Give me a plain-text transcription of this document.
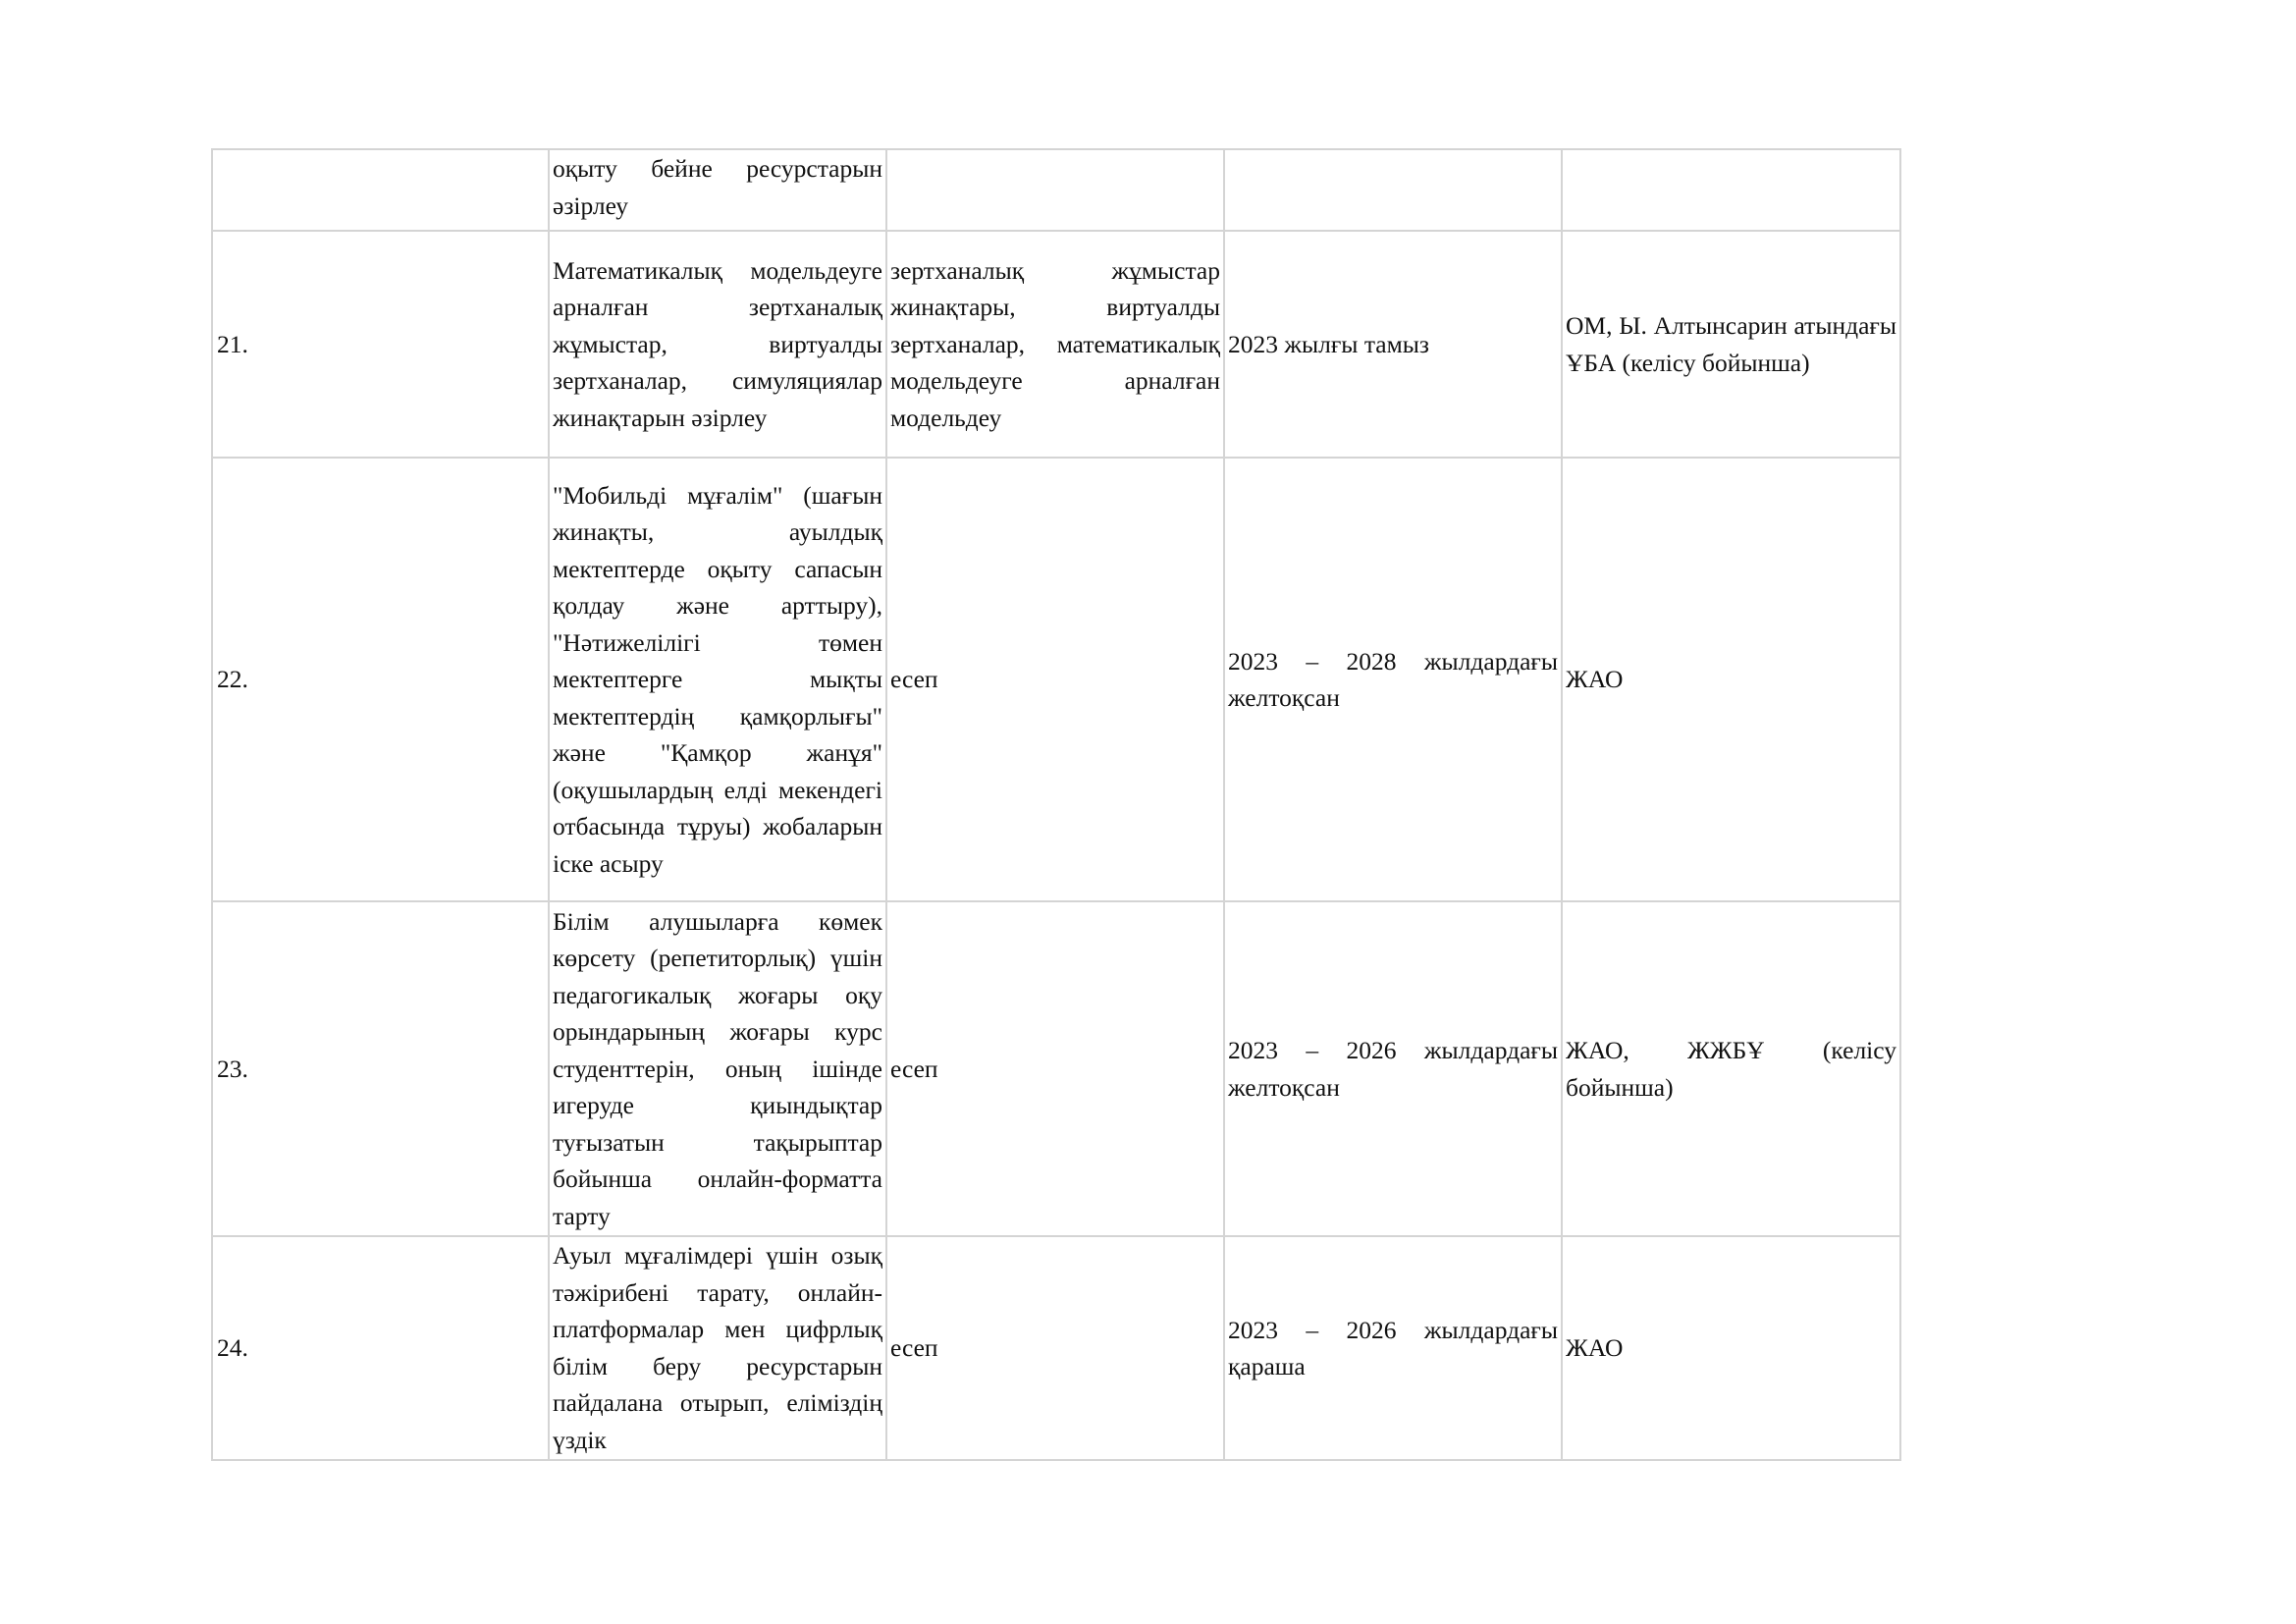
	оқыту бейне ресурстарын әзірлеу			
21.	Математикалық модельдеуге арналған зертханалық жұмыстар, виртуалды зертханалар, симуляциялар жинақтарын әзірлеу	зертханалық жұмыстар жинақтары, виртуалды зертханалар, математикалық модельдеуге арналған модельдеу	2023 жылғы тамыз	ОМ, Ы. Алтынсарин атындағы ҰБА (келісу бойынша)
22.	"Мобильді мұғалім" (шағын жинақты, ауылдық мектептерде оқыту сапасын қолдау және арттыру), "Нәтижелілігі төмен мектептерге мықты мектептердің қамқорлығы" және "Қамқор жанұя" (оқушылардың елді мекендегі отбасында тұруы) жобаларын іске асыру	есеп	2023 – 2028 жылдардағы желтоқсан	ЖАО
23.	Білім алушыларға көмек көрсету (репетиторлық) үшін педагогикалық жоғары оқу орындарының жоғары курс студенттерін, оның ішінде игеруде қиындықтар туғызатын тақырыптар бойынша онлайн-форматта тарту	есеп	2023 – 2026 жылдардағы желтоқсан	ЖАО, ЖЖБҰ (келісу бойынша)
24.	Ауыл мұғалімдері үшін озық тәжірибені тарату, онлайн-платформалар мен цифрлық білім беру ресурстарын пайдалана отырып, еліміздің үздік	есеп	2023 – 2026 жылдардағы қараша	ЖАО
